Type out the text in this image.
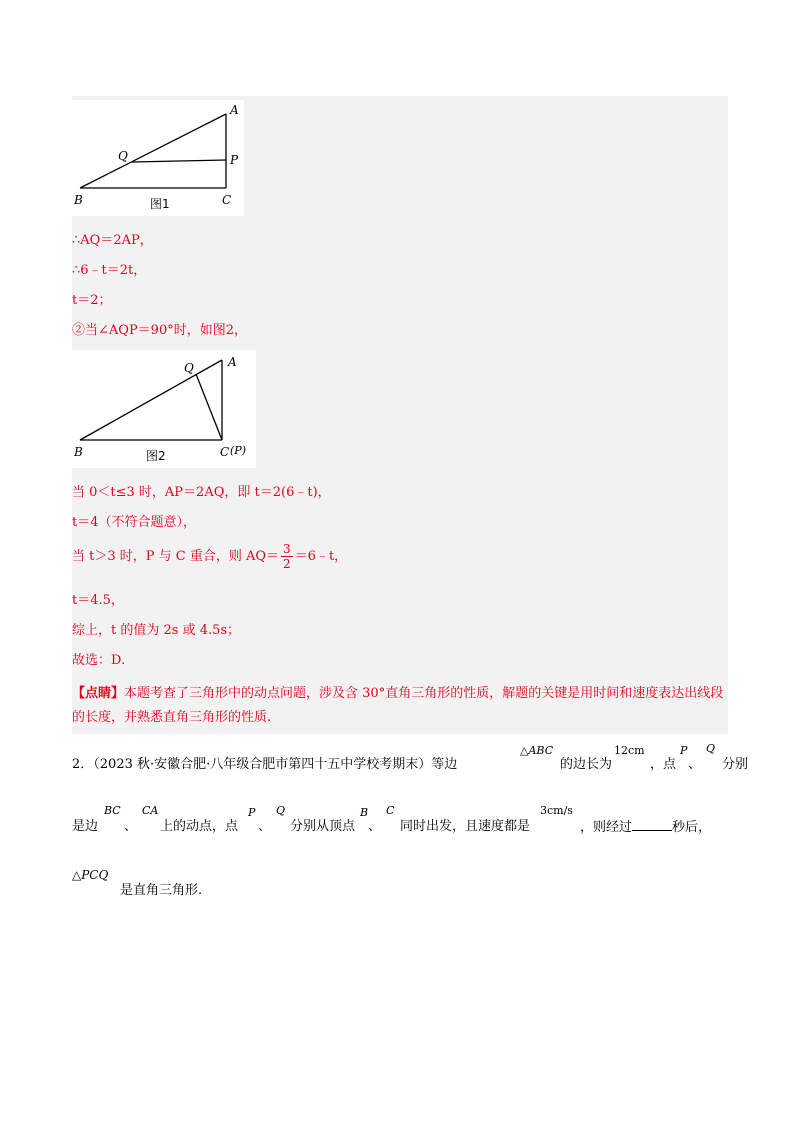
A
Q	P
B	C
图1
∴AQ＝2AP，
∴6﹣t＝2t，
t＝2；
②当∠AQP＝90°时，如图2，
Q	A
B	C (P)
图2
当 0＜t≤3 时，AP＝2AQ，即 t＝2(6﹣t)，
t＝4（不符合题意），
当 t＞3 时，P 与 C 重合，则 $AQ= \frac{3}{2}$ ＝6﹣t，
t＝4.5，
综上，t 的值为 2s 或 4.5s；
故选：D.
【点睛】本题考查了三角形中的动点问题，涉及含 30°直角三角形的性质，解题的关键是用时间和速度表达出线段的长度，并熟悉直角三角形的性质.
2．（2023 秋·安徽合肥·八年级合肥市第四十五中学校考期末）等边
△ABC
的边长为
12cm
，点
P
、
Q
分别
是边
BC
、
CA
上的动点，点
P
、
Q
分别从顶点
B
、
C
同时出发，且速度都是
3cm/s
，则经过	秒后，
△PCQ
是直角三角形.
